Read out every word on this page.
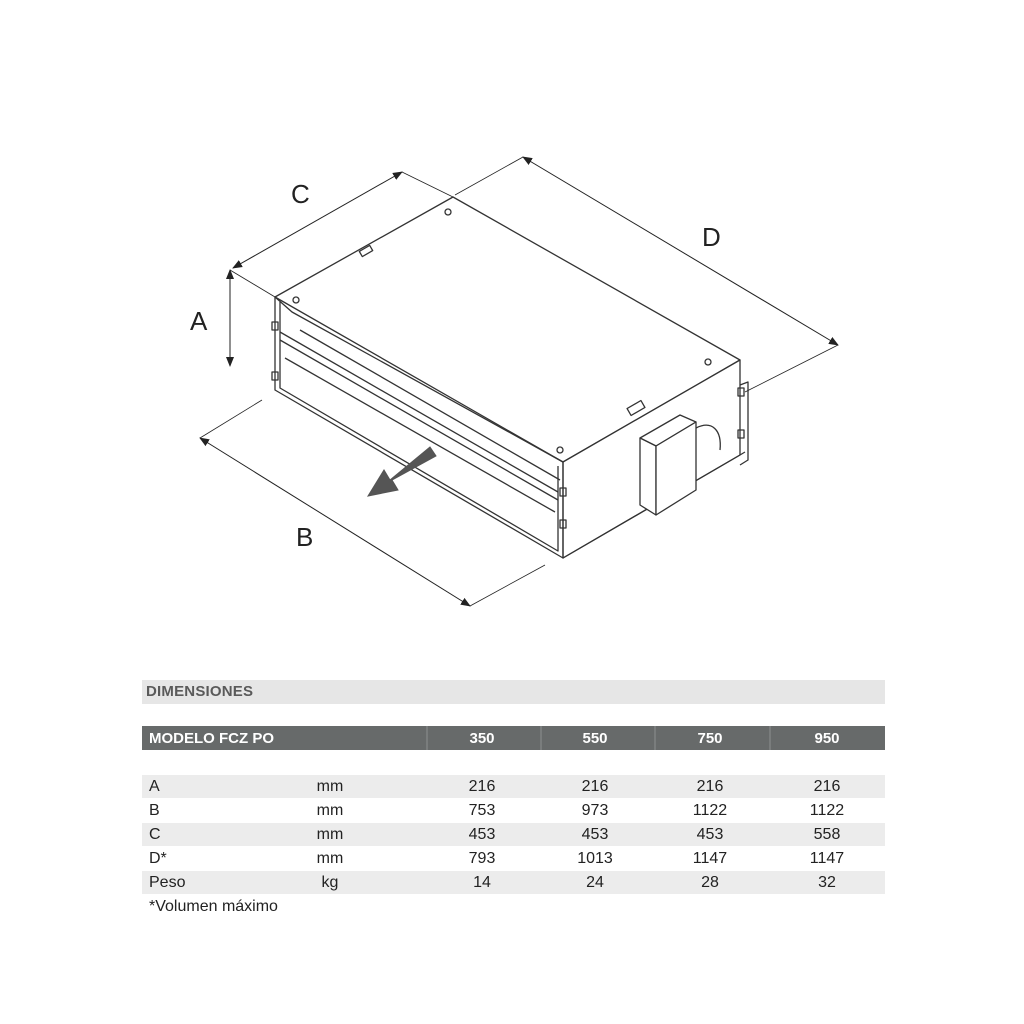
A
B
C
D
DIMENSIONES
MODELO FCZ PO	350	550	750	950
A	mm	216	216	216	216
B	mm	753	973	1122	1122
C	mm	453	453	453	558
D*	mm	793	1013	1147	1147
Peso	kg	14	24	28	32
*Volumen máximo
